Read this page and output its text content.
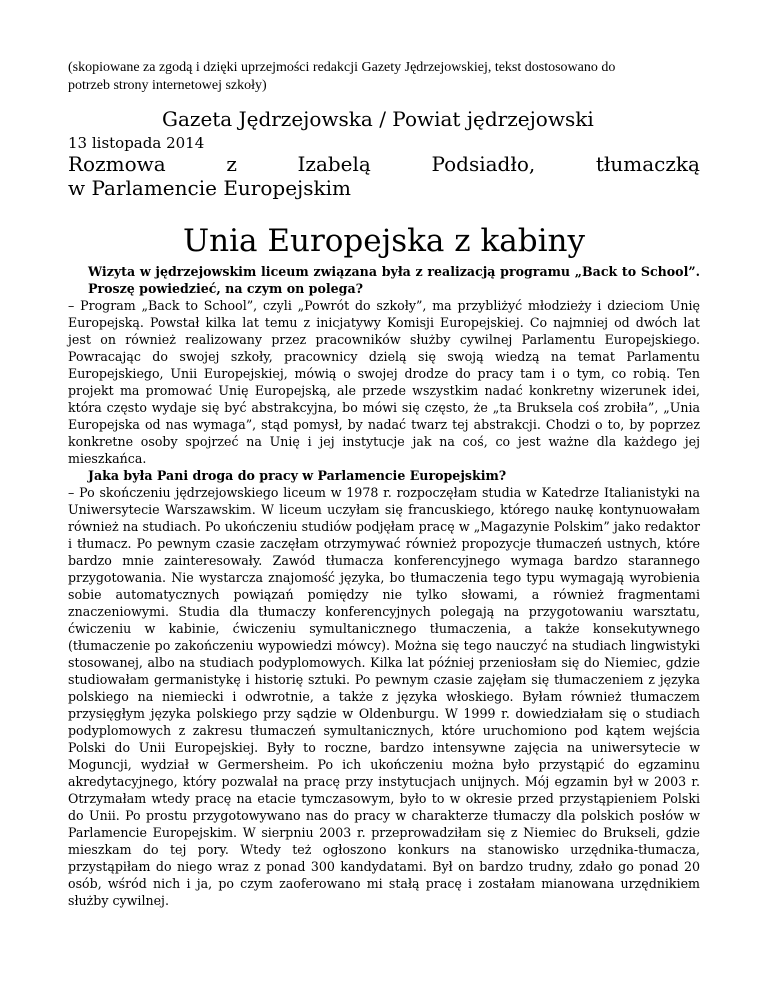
(skopiowane za zgodą i dzięki uprzejmości redakcji Gazety Jędrzejowskiej, tekst dostosowano do potrzeb strony internetowej szkoły)
Gazeta Jędrzejowska / Powiat jędrzejowski
13 listopada 2014
Rozmowa	z	Izabelą	Podsiadło,	tłumaczką
w Parlamencie Europejskim
Unia Europejska z kabiny

Wizyta w jędrzejowskim liceum związana była z realizacją programu „Back to School”. Proszę powiedzieć, na czym on polega?

– Program „Back to School”, czyli „Powrót do szkoły”, ma przybliżyć młodzieży i dzieciom Unię Europejską. Powstał kilka lat temu z inicjatywy Komisji Europejskiej. Co najmniej od dwóch lat jest on również realizowany przez pracowników służby cywilnej Parlamentu Europejskiego. Powracając do swojej szkoły, pracownicy dzielą się swoją wiedzą na temat Parlamentu Europejskiego, Unii Europejskiej, mówią o swojej drodze do pracy tam i o tym, co robią. Ten projekt ma promować Unię Europejską, ale przede wszystkim nadać konkretny wizerunek idei, która często wydaje się być abstrakcyjna, bo mówi się często, że „ta Bruksela coś zrobiła”, „Unia Europejska od nas wymaga”, stąd pomysł, by nadać twarz tej abstrakcji. Chodzi o to, by poprzez konkretne osoby spojrzeć na Unię i jej instytucje jak na coś, co jest ważne dla każdego jej mieszkańca.

Jaka była Pani droga do pracy w Parlamencie Europejskim?

– Po skończeniu jędrzejowskiego liceum w 1978 r. rozpoczęłam studia w Katedrze Italianistyki na Uniwersytecie Warszawskim. W liceum uczyłam się francuskiego, którego naukę kontynuowałam również na studiach. Po ukończeniu studiów podjęłam pracę w „Magazynie Polskim” jako redaktor i tłumacz. Po pewnym czasie zaczęłam otrzymywać również propozycje tłumaczeń ustnych, które bardzo mnie zainteresowały. Zawód tłumacza konferencyjnego wymaga bardzo starannego przygotowania. Nie wystarcza znajomość języka, bo tłumaczenia tego typu wymagają wyrobienia sobie automatycznych powiązań pomiędzy nie tylko słowami, a również fragmentami znaczeniowymi. Studia dla tłumaczy konferencyjnych polegają na przygotowaniu warsztatu, ćwiczeniu w kabinie, ćwiczeniu symultanicznego tłumaczenia, a także konsekutywnego (tłumaczenie po zakończeniu wypowiedzi mówcy). Można się tego nauczyć na studiach lingwistyki stosowanej, albo na studiach podyplomowych. Kilka lat później przeniosłam się do Niemiec, gdzie studiowałam germanistykę i historię sztuki. Po pewnym czasie zajęłam się tłumaczeniem z języka polskiego na niemiecki i odwrotnie, a także z języka włoskiego. Byłam również tłumaczem przysięgłym języka polskiego przy sądzie w Oldenburgu. W 1999 r. dowiedziałam się o studiach podyplomowych z zakresu tłumaczeń symultanicznych, które uruchomiono pod kątem wejścia Polski do Unii Europejskiej. Były to roczne, bardzo intensywne zajęcia na uniwersytecie w Moguncji, wydział w Germersheim. Po ich ukończeniu można było przystąpić do egzaminu akredytacyjnego, który pozwalał na pracę przy instytucjach unijnych. Mój egzamin był w 2003 r. Otrzymałam wtedy pracę na etacie tymczasowym, było to w okresie przed przystąpieniem Polski do Unii. Po prostu przygotowywano nas do pracy w charakterze tłumaczy dla polskich posłów w Parlamencie Europejskim. W sierpniu 2003 r. przeprowadziłam się z Niemiec do Brukseli, gdzie mieszkam do tej pory. Wtedy też ogłoszono konkurs na stanowisko urzędnika-tłumacza, przystąpiłam do niego wraz z ponad 300 kandydatami. Był on bardzo trudny, zdało go ponad 20 osób, wśród nich i ja, po czym zaoferowano mi stałą pracę i zostałam mianowana urzędnikiem służby cywilnej.
